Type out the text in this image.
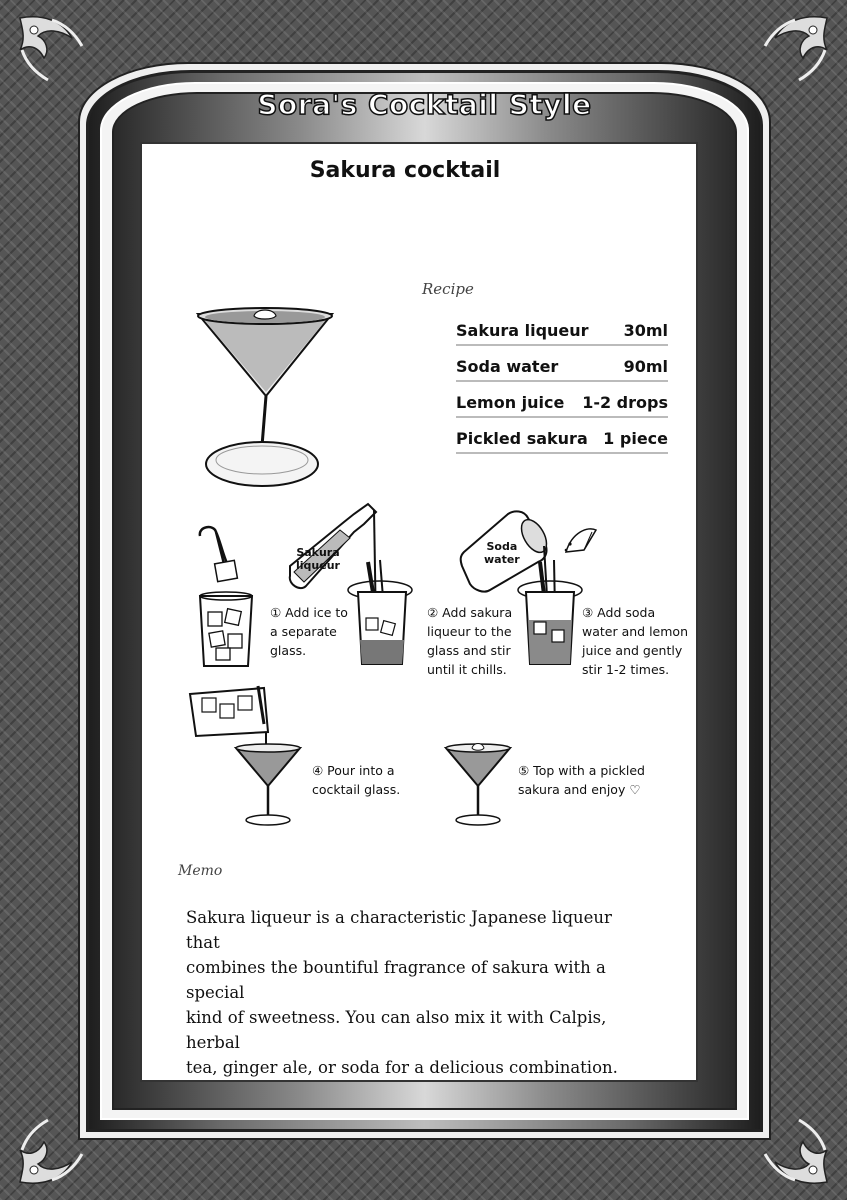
Sora's Cocktail Style
Sakura cocktail
Recipe
Sakura liqueur 30ml
Soda water	90ml
Lemon juice 1-2 drops
Pickled sakura 1 piece
① Add ice to
a separate
glass.
Sakura
liqueur
② Add sakura
liqueur to the
glass and stir
until it chills.
Soda
water
③ Add soda
water and lemon
juice and gently
stir 1-2 times.
④ Pour into a
cocktail glass.
⑤ Top with a pickled
sakura and enjoy ♡
Memo
Sakura liqueur is a characteristic Japanese liqueur that
combines the bountiful fragrance of sakura with a special
kind of sweetness. You can also mix it with Calpis, herbal
tea, ginger ale, or soda for a delicious combination.
